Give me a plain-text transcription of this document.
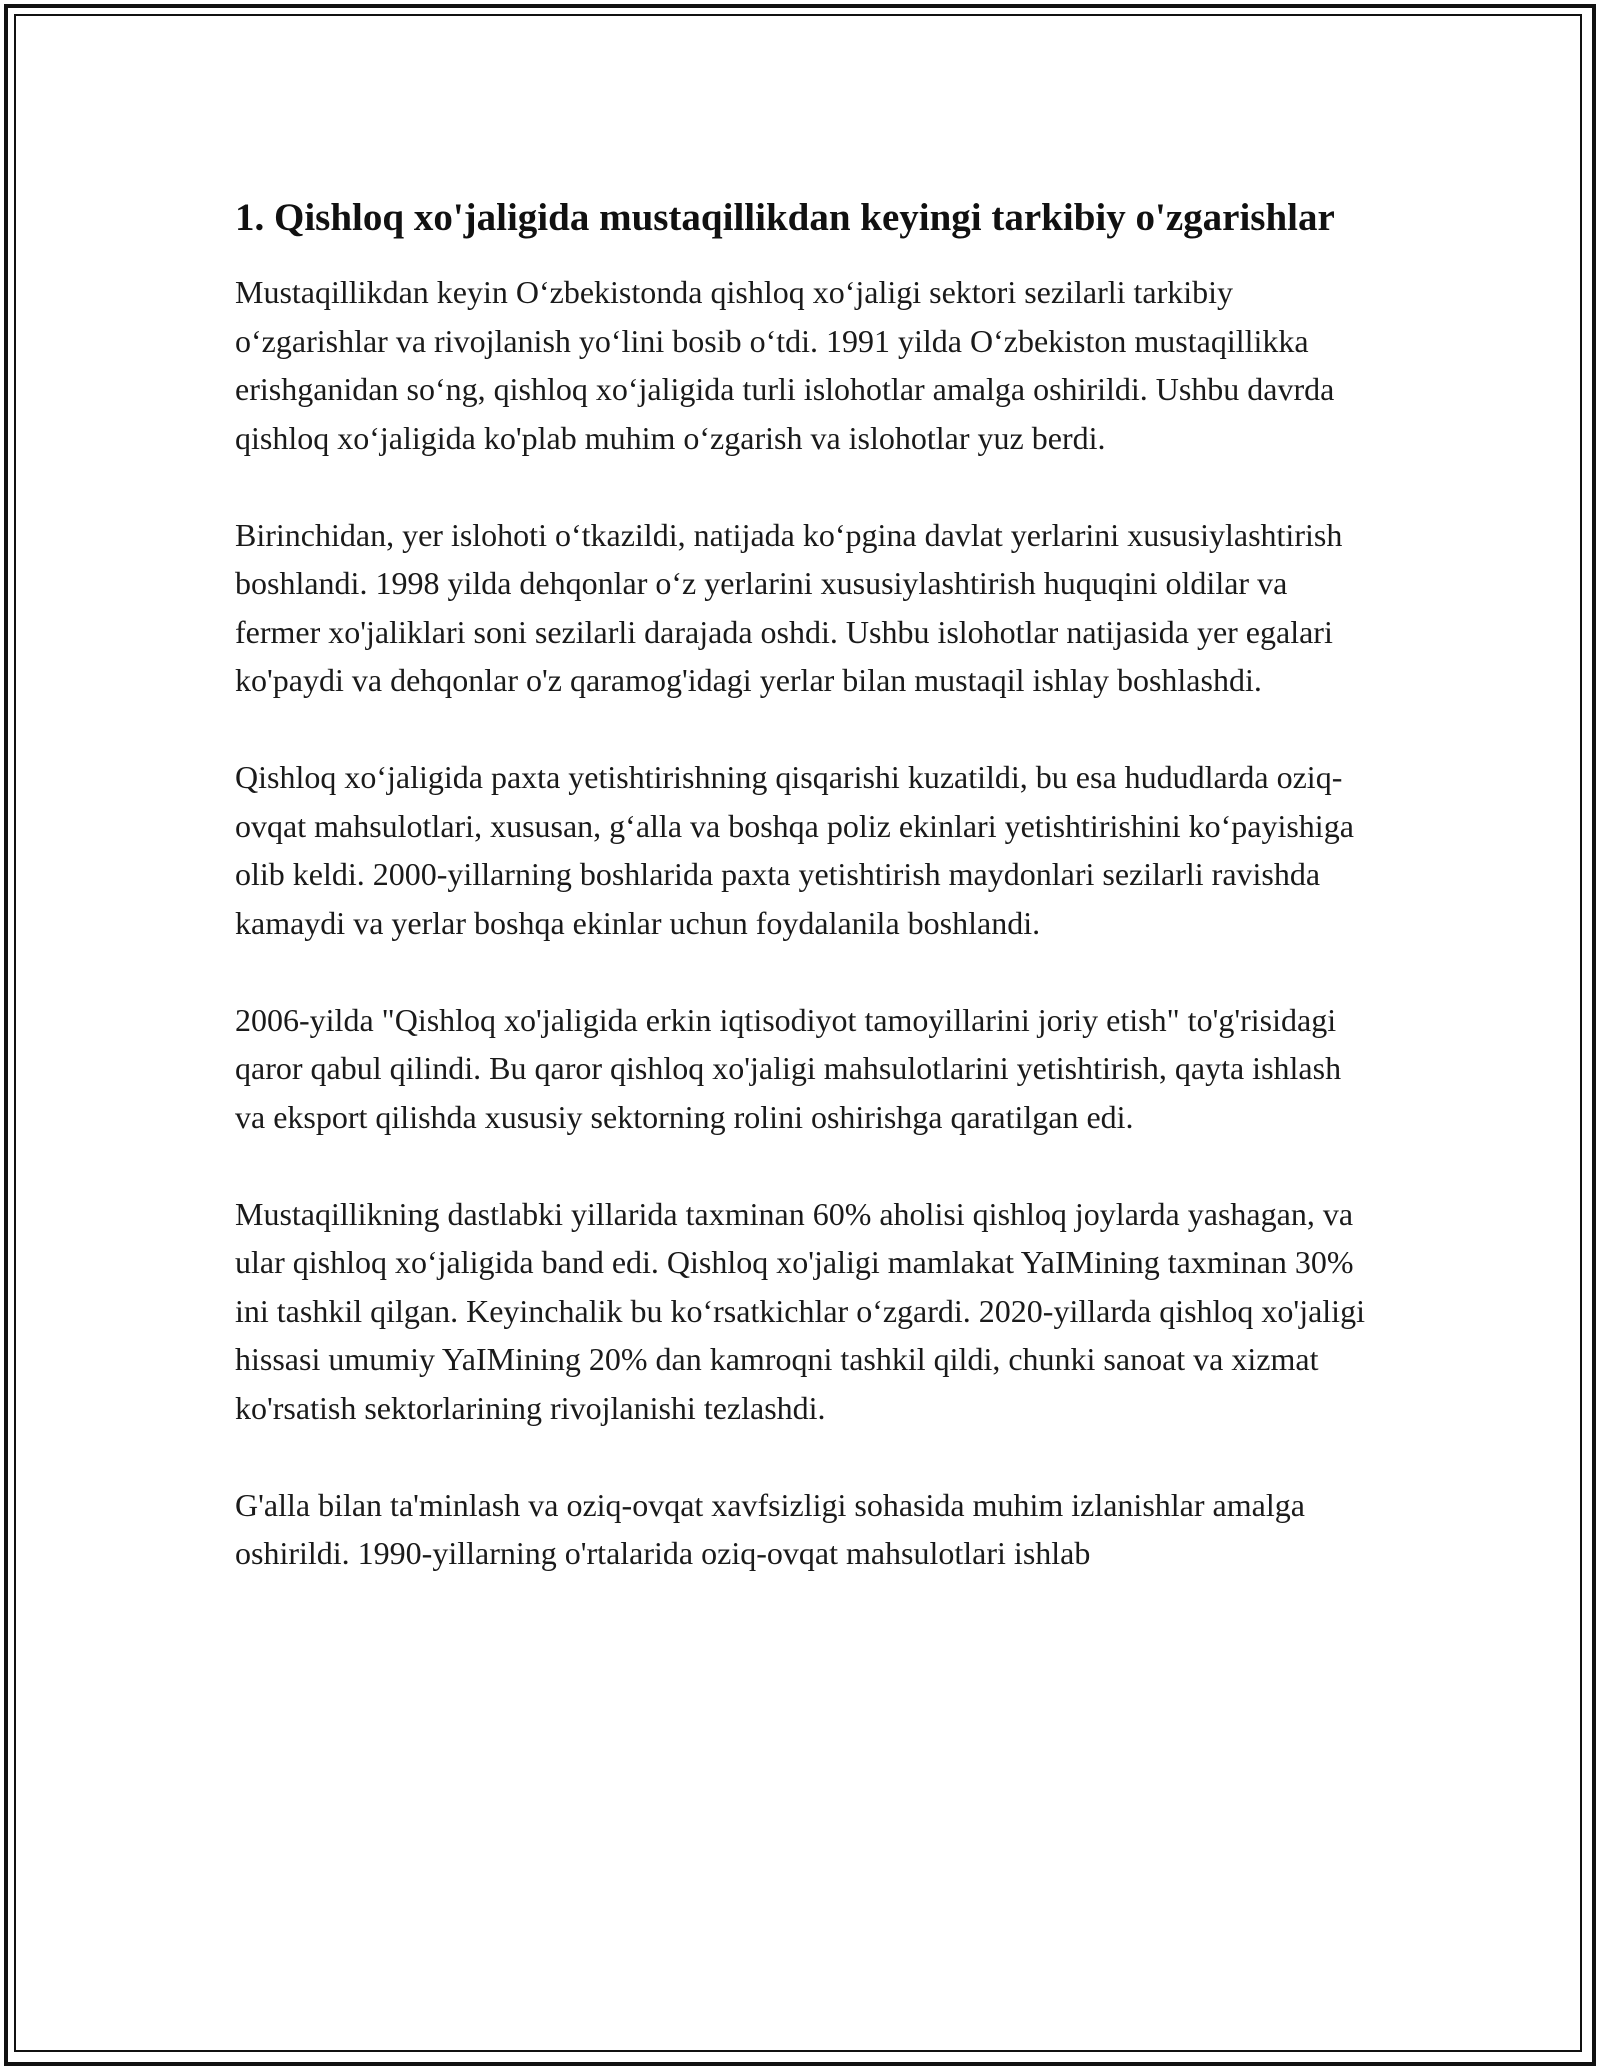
1. Qishloq xo'jaligida mustaqillikdan keyingi tarkibiy o'zgarishlar

Mustaqillikdan keyin O‘zbekistonda qishloq xo‘jaligi sektori sezilarli tarkibiy o‘zgarishlar va rivojlanish yo‘lini bosib o‘tdi. 1991 yilda O‘zbekiston mustaqillikka erishganidan so‘ng, qishloq xo‘jaligida turli islohotlar amalga oshirildi. Ushbu davrda qishloq xo‘jaligida ko'plab muhim o‘zgarish va islohotlar yuz berdi.

Birinchidan, yer islohoti o‘tkazildi, natijada ko‘pgina davlat yerlarini xususiylashtirish boshlandi. 1998 yilda dehqonlar o‘z yerlarini xususiylashtirish huquqini oldilar va fermer xo'jaliklari soni sezilarli darajada oshdi. Ushbu islohotlar natijasida yer egalari ko'paydi va dehqonlar o'z qaramog'idagi yerlar bilan mustaqil ishlay boshlashdi.

Qishloq xo‘jaligida paxta yetishtirishning qisqarishi kuzatildi, bu esa hududlarda oziq-ovqat mahsulotlari, xususan, g‘alla va boshqa poliz ekinlari yetishtirishini ko‘payishiga olib keldi. 2000-yillarning boshlarida paxta yetishtirish maydonlari sezilarli ravishda kamaydi va yerlar boshqa ekinlar uchun foydalanila boshlandi.

2006-yilda "Qishloq xo'jaligida erkin iqtisodiyot tamoyillarini joriy etish" to'g'risidagi qaror qabul qilindi. Bu qaror qishloq xo'jaligi mahsulotlarini yetishtirish, qayta ishlash va eksport qilishda xususiy sektorning rolini oshirishga qaratilgan edi.

Mustaqillikning dastlabki yillarida taxminan 60% aholisi qishloq joylarda yashagan, va ular qishloq xo‘jaligida band edi. Qishloq xo'jaligi mamlakat YaIMining taxminan 30% ini tashkil qilgan. Keyinchalik bu ko‘rsatkichlar o‘zgardi. 2020-yillarda qishloq xo'jaligi hissasi umumiy YaIMining 20% dan kamroqni tashkil qildi, chunki sanoat va xizmat ko'rsatish sektorlarining rivojlanishi tezlashdi.

G'alla bilan ta'minlash va oziq-ovqat xavfsizligi sohasida muhim izlanishlar amalga oshirildi. 1990-yillarning o'rtalarida oziq-ovqat mahsulotlari ishlab
